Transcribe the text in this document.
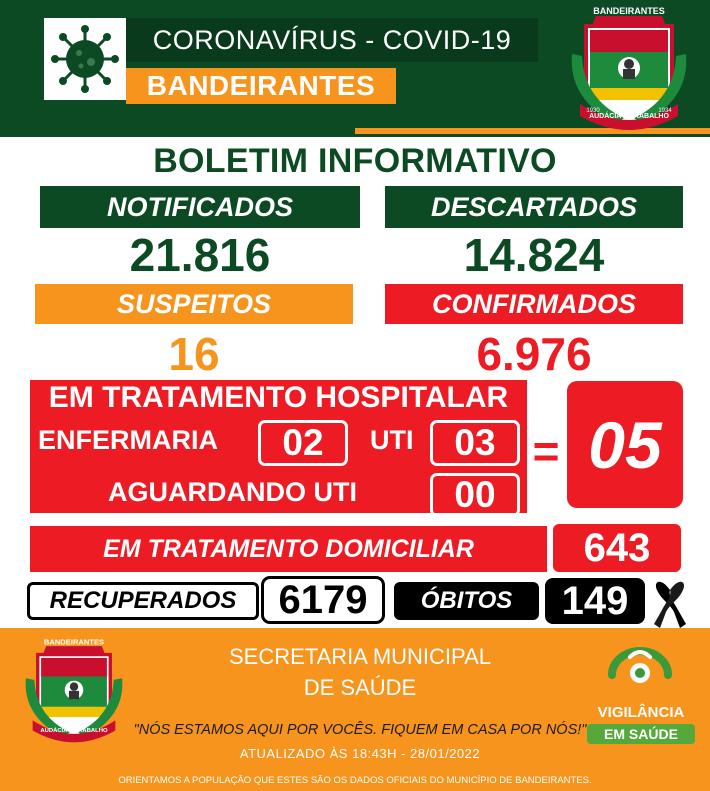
CORONAVÍRUS - COVID-19
BANDEIRANTES
AUDÁCIA E TRABALHO
1930	1934
BANDEIRANTES
BOLETIM INFORMATIVO
NOTIFICADOS	DESCARTADOS
21.816	14.824
SUSPEITOS	CONFIRMADOS
16	6.976
EM TRATAMENTO HOSPITALAR
ENFERMARIA	02	UTI	03
AGUARDANDO UTI	00
= 05
EM TRATAMENTO DOMICILIAR	643
RECUPERADOS	6179	ÓBITOS	149
AUDÁCIA E TRABALHO
BANDEIRANTES
SECRETARIA MUNICIPAL
DE SAÚDE
"NÓS ESTAMOS AQUI POR VOCÊS. FIQUEM EM CASA POR NÓS!"
ATUALIZADO ÀS 18:43H - 28/01/2022
ORIENTAMOS A POPULAÇÃO QUE ESTES SÃO OS DADOS OFICIAIS DO MUNICÍPIO DE BANDEIRANTES.
VIGILÂNCIA
EM SAÚDE
